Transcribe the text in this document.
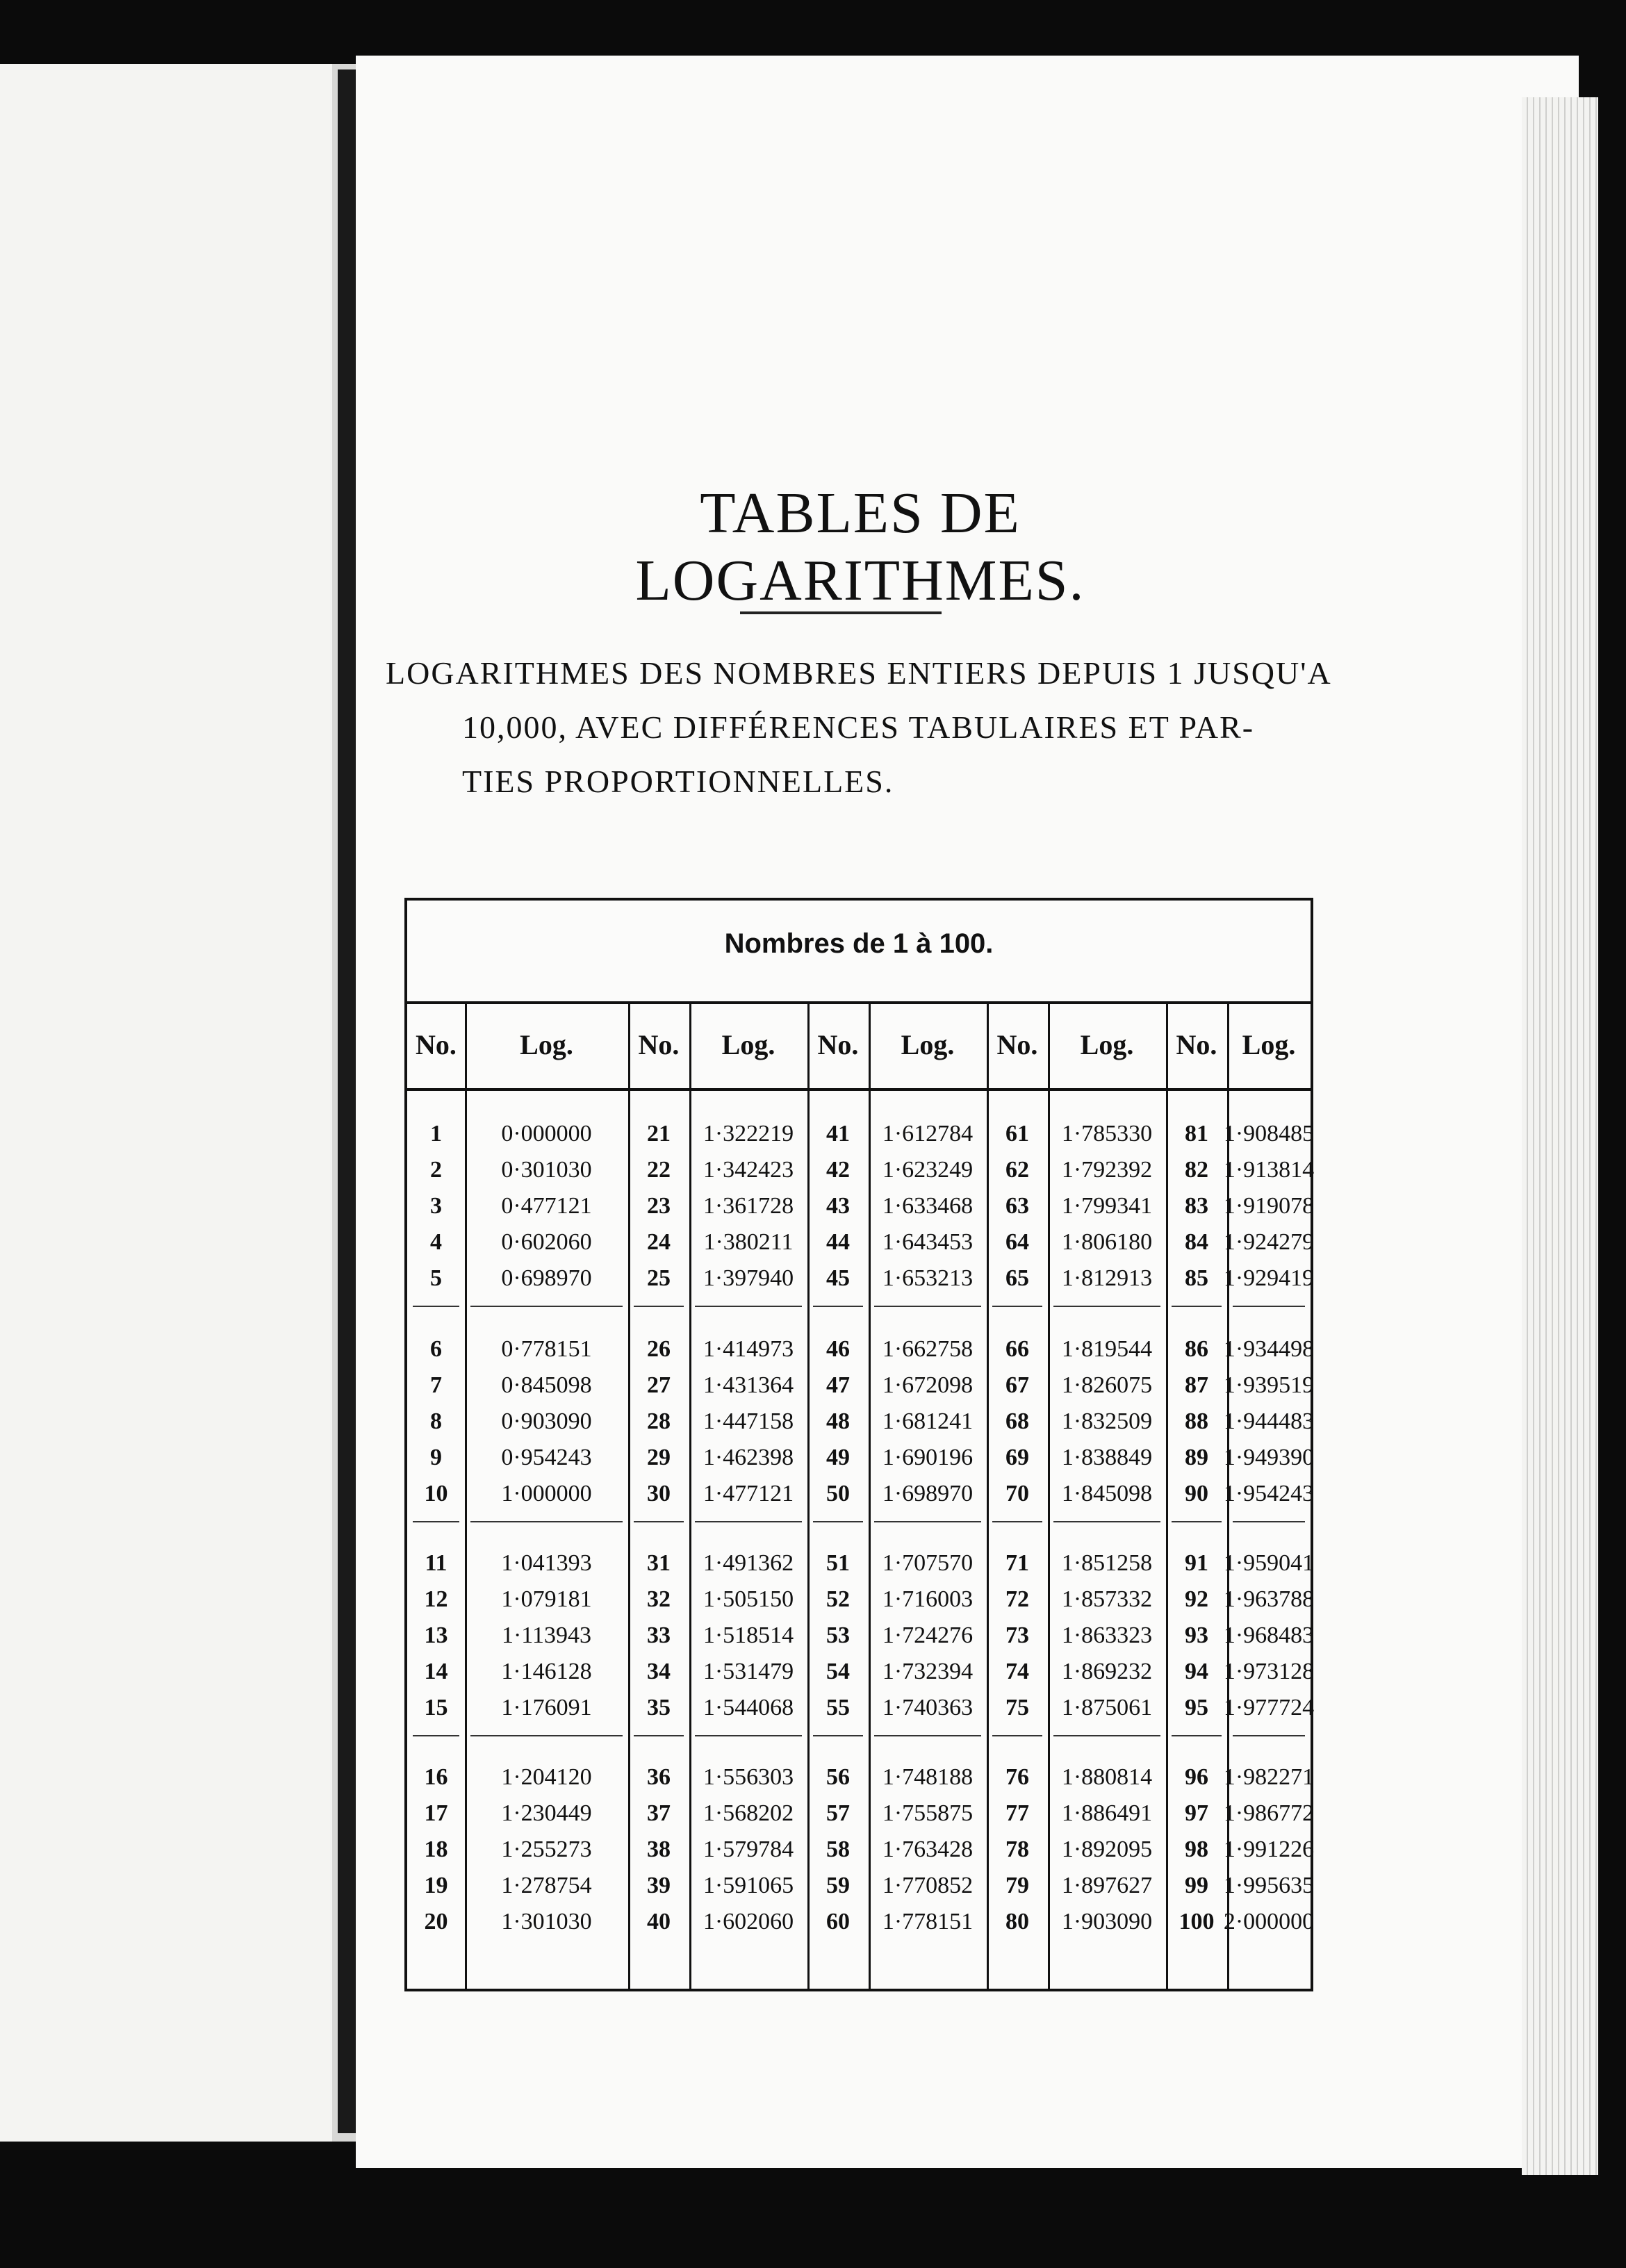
TABLES DE LOGARITHMES.
LOGARITHMES DES NOMBRES ENTIERS DEPUIS 1 JUSQU'A
10,000, AVEC DIFFÉRENCES TABULAIRES ET PAR-
TIES PROPORTIONNELLES.
Nombres de 1 à 100.
No.
1
2
3
4
5
6
7
8
9
10
11
12
13
14
15
16
17
18
19
20
Log.
0·000000
0·301030
0·477121
0·602060
0·698970
0·778151
0·845098
0·903090
0·954243
1·000000
1·041393
1·079181
1·113943
1·146128
1·176091
1·204120
1·230449
1·255273
1·278754
1·301030
No.
21
22
23
24
25
26
27
28
29
30
31
32
33
34
35
36
37
38
39
40
Log.
1·322219
1·342423
1·361728
1·380211
1·397940
1·414973
1·431364
1·447158
1·462398
1·477121
1·491362
1·505150
1·518514
1·531479
1·544068
1·556303
1·568202
1·579784
1·591065
1·602060
No.
41
42
43
44
45
46
47
48
49
50
51
52
53
54
55
56
57
58
59
60
Log.
1·612784
1·623249
1·633468
1·643453
1·653213
1·662758
1·672098
1·681241
1·690196
1·698970
1·707570
1·716003
1·724276
1·732394
1·740363
1·748188
1·755875
1·763428
1·770852
1·778151
No.
61
62
63
64
65
66
67
68
69
70
71
72
73
74
75
76
77
78
79
80
Log.
1·785330
1·792392
1·799341
1·806180
1·812913
1·819544
1·826075
1·832509
1·838849
1·845098
1·851258
1·857332
1·863323
1·869232
1·875061
1·880814
1·886491
1·892095
1·897627
1·903090
No.
81
82
83
84
85
86
87
88
89
90
91
92
93
94
95
96
97
98
99
100
Log.
1·908485
1·913814
1·919078
1·924279
1·929419
1·934498
1·939519
1·944483
1·949390
1·954243
1·959041
1·963788
1·968483
1·973128
1·977724
1·982271
1·986772
1·991226
1·995635
2·000000
